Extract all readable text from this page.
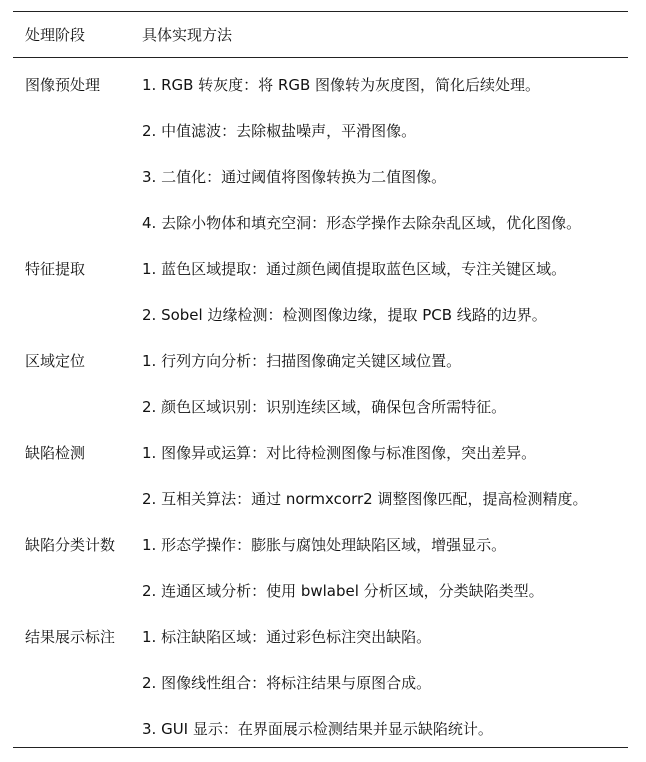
处理阶段	具体实现方法
图像预处理	1. RGB 转灰度：将 RGB 图像转为灰度图，简化后续处理。
2. 中值滤波：去除椒盐噪声，平滑图像。
3. 二值化：通过阈值将图像转换为二值图像。
4. 去除小物体和填充空洞：形态学操作去除杂乱区域，优化图像。
特征提取	1. 蓝色区域提取：通过颜色阈值提取蓝色区域，专注关键区域。
2. Sobel 边缘检测：检测图像边缘，提取 PCB 线路的边界。
区域定位	1. 行列方向分析：扫描图像确定关键区域位置。
2. 颜色区域识别：识别连续区域，确保包含所需特征。
缺陷检测	1. 图像异或运算：对比待检测图像与标准图像，突出差异。
2. 互相关算法：通过 normxcorr2 调整图像匹配，提高检测精度。
缺陷分类计数 1. 形态学操作：膨胀与腐蚀处理缺陷区域，增强显示。
2. 连通区域分析：使用 bwlabel 分析区域，分类缺陷类型。
结果展示标注 1. 标注缺陷区域：通过彩色标注突出缺陷。
2. 图像线性组合：将标注结果与原图合成。
3. GUI 显示：在界面展示检测结果并显示缺陷统计。
